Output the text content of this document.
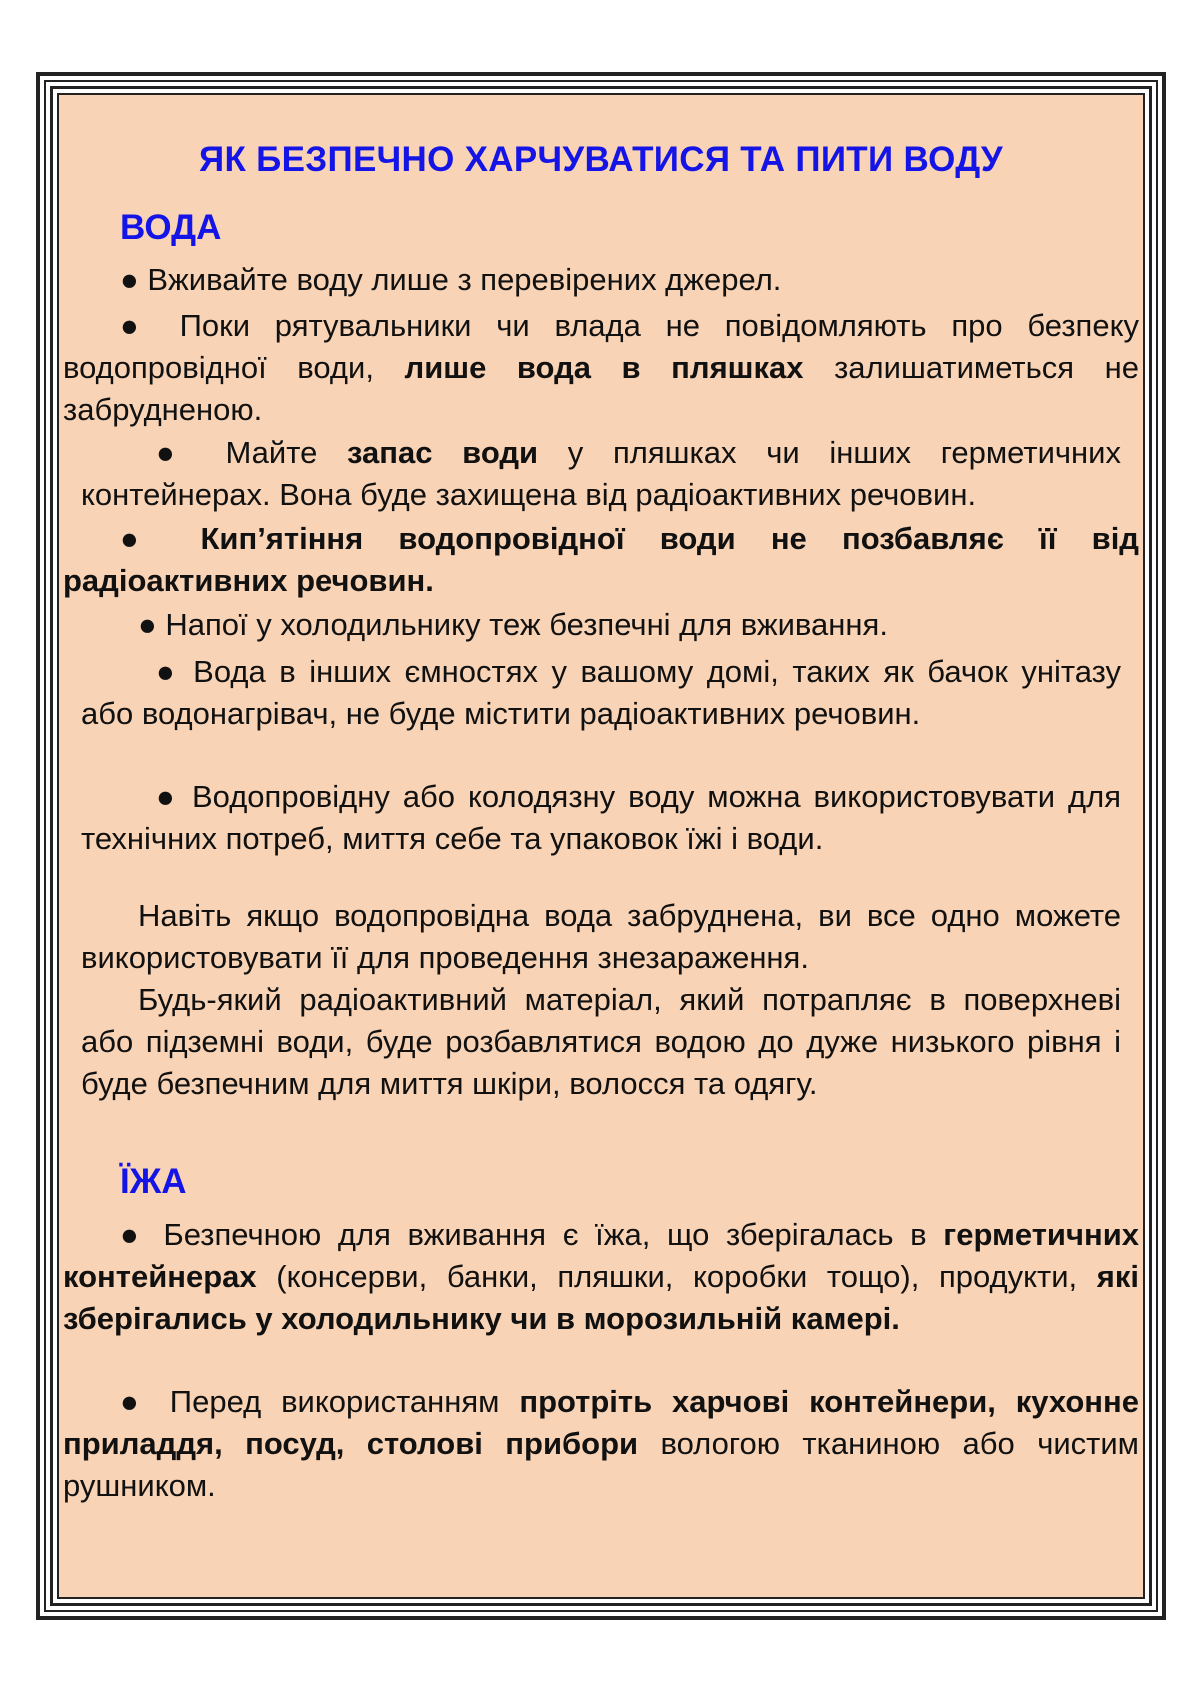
ЯК БЕЗПЕЧНО ХАРЧУВАТИСЯ ТА ПИТИ ВОДУ
ВОДА

● Вживайте воду лише з перевірених джерел.

● Поки рятувальники чи влада не повідомляють про безпеку водопровідної води, лише вода в пляшках залишатиметься не забрудненою.

● Майте запас води у пляшках чи інших герметичних контейнерах. Вона буде захищена від радіоактивних речовин.

● Кип’ятіння водопровідної води не позбавляє її від радіоактивних речовин.

● Напої у холодильнику теж безпечні для вживання.

● Вода в інших ємностях у вашому домі, таких як бачок унітазу або водонагрівач, не буде містити радіоактивних речовин.

● Водопровідну або колодязну воду можна використовувати для технічних потреб, миття себе та упаковок їжі і води.

Навіть якщо водопровідна вода забруднена, ви все одно можете використовувати її для проведення знезараження.

Будь-який радіоактивний матеріал, який потрапляє в поверхневі або підземні води, буде розбавлятися водою до дуже низького рівня і буде безпечним для миття шкіри, волосся та одягу.

ЇЖА

● Безпечною для вживання є їжа, що зберігалась в герметичних контейнерах (консерви, банки, пляшки, коробки тощо), продукти, які зберігались у холодильнику чи в морозильній камері.

● Перед використанням протріть харчові контейнери, кухонне приладдя, посуд, столові прибори вологою тканиною або чистим рушником.
